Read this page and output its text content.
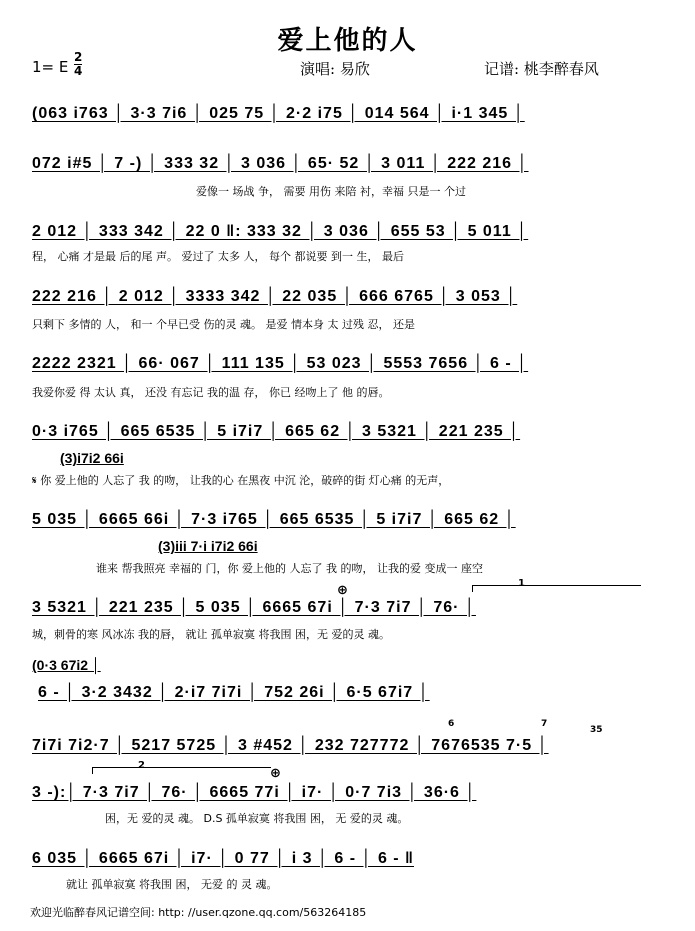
爱上他的人
1= E $\frac{2}{4}$	演唱: 易欣	记谱: 桃李醉春风
(063 i763 │ 3·3 7i6 │ 025 75 │ 2·2 i75 │ 014 564 │ i·1 345 │
072 i#5 │ 7 -) │ 333 32 │ 3 036 │ 65· 52 │ 3 011 │ 222 216 │
爱像一 场战 争， 需要 用伤 来陪 衬，幸福 只是一 个过
2 012 │ 333 342 │ 22 0 ‖: 333 32 │ 3 036 │ 655 53 │ 5 011 │
程， 心痛 才是最 后的尾 声。 爱过了 太多 人， 每个 都说要 到一 生， 最后
222 216 │ 2 012 │ 3333 342 │ 22 035 │ 666 6765 │ 3 053 │
只剩下 多情的 人， 和一 个早已受 伤的灵 魂。 是爱 情本身 太 过残 忍， 还是
2222 2321 │ 66· 067 │ 111 135 │ 53 023 │ 5553 7656 │ 6 - │
我爱你爱 得 太认 真， 还没 有忘记 我的温 存， 你已 经吻上了 他 的唇。
0·3 i765 │ 665 6535 │ 5 i7i7 │ 665 62 │ 3 5321 │ 221 235 │
(3)i7i2 66i
𝄋 你 爱上他的 人忘了 我 的吻， 让我的心 在黑夜 中沉 沦，破碎的街 灯心痛 的无声，
5 035 │ 6665 66i │ 7·3 i765 │ 665 6535 │ 5 i7i7 │ 665 62 │
(3)iii 7·i i7i2 66i
谁来 帮我照亮 幸福的 门，你 爱上他的 人忘了 我 的吻， 让我的爱 变成一 座空
1
3 5321 │ 221 235 │ 5 035 │ 6665 67i │ 7·3 7i7 │ 76· │
⊕
城，刺骨的寒 风冰冻 我的唇， 就让 孤单寂寞 将我围 困，无 爱的灵 魂。
(0·3 67i2 │
6 - │ 3·2 3432 │ 2·i7 7i7i │ 752 26i │ 6·5 67i7 │
7i7i 7i2·7 │ 5217 5725 │ 3 #452 │ 232 727772 │ 7676535 7·5 │
6	7
35
2
⊕
3 -):│ 7·3 7i7 │ 76· │ 6665 77i │ i7· │ 0·7 7i3 │ 36·6 │
困，无 爱的灵 魂。 D.S 孤单寂寞 将我围 困， 无 爱的灵 魂。
6 035 │ 6665 67i │ i7· │ 0 77 │ i 3 │ 6 - │ 6 - ‖
就让 孤单寂寞 将我围 困， 无爱 的 灵 魂。
欢迎光临醉春风记谱空间: http: //user.qzone.qq.com/563264185
